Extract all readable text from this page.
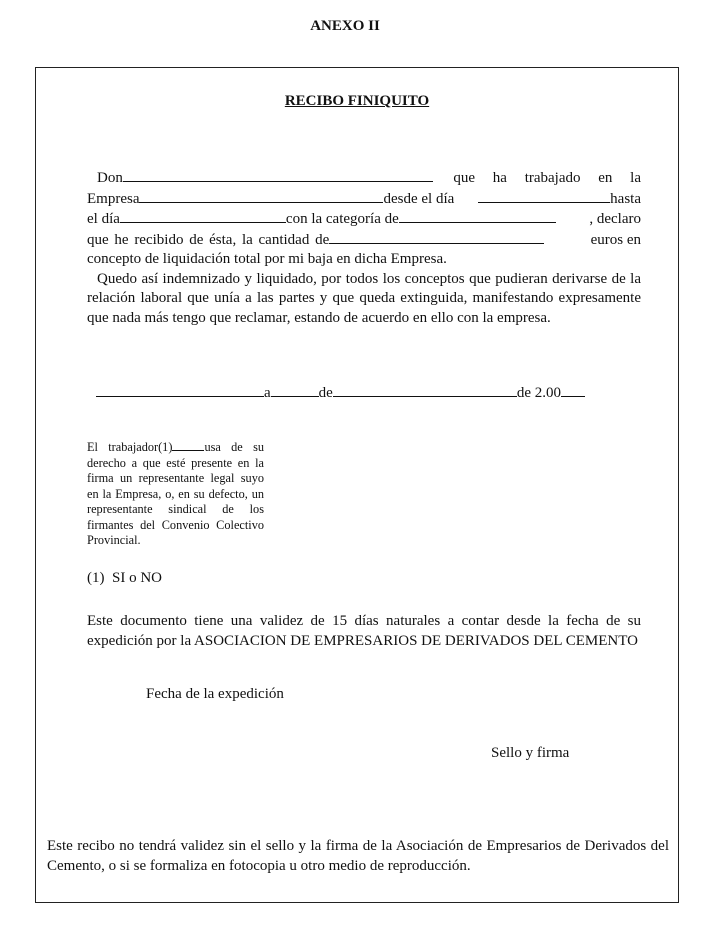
ANEXO II
RECIBO FINIQUITO
Don	que ha trabajado en la
Empresa	desde el día	hasta
el día	con la categoría de	, declaro
que he recibido de ésta, la cantidad de	euros en
concepto de liquidación total por mi baja en dicha Empresa.

Quedo así indemnizado y liquidado, por todos los conceptos que pudieran derivarse de la relación laboral que unía a las partes y que queda extinguida, manifestando expresamente que nada más tengo que reclamar, estando de acuerdo en ello con la empresa.

a	de	de 2.00
El trabajador(1)	usa de su derecho a que esté presente en la firma un representante legal suyo en la Empresa, o, en su defecto, un representante sindical de los firmantes del Convenio Colectivo Provincial.
(1)  SI o NO
Este documento tiene una validez de 15 días naturales a contar desde la fecha de su expedición por la ASOCIACION DE EMPRESARIOS DE DERIVADOS DEL CEMENTO
Fecha de la expedición
Sello y firma
Este recibo no tendrá validez sin el sello y la firma de la Asociación de Empresarios de Derivados del Cemento, o si se formaliza en fotocopia u otro medio de reproducción.
